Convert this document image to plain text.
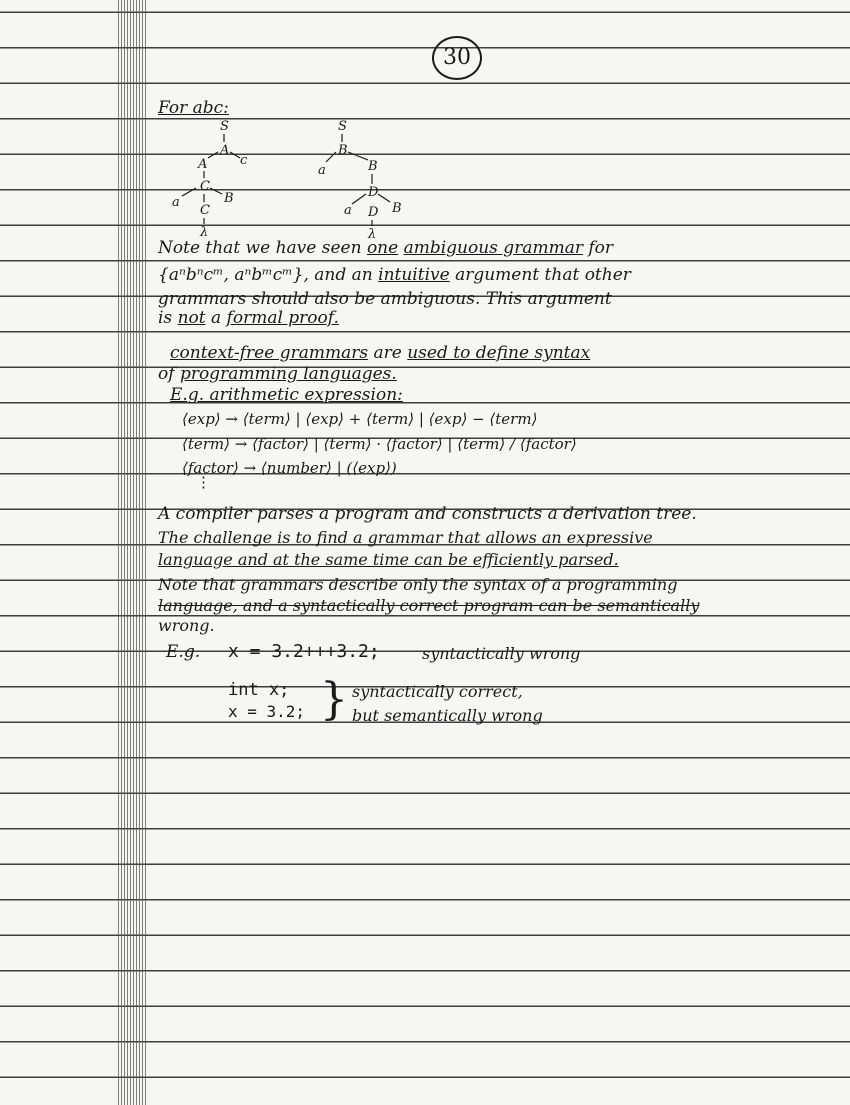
30
For abc:
S
A
c
A
C
a	B
C
λ
S
B
a	B
D
a D B
λ
Note that we have seen one ambiguous grammar for
{aⁿbⁿcᵐ, aⁿbᵐcᵐ}, and an intuitive argument that other
grammars should also be ambiguous. This argument
is not a formal proof.
context-free grammars are used to define syntax
of programming languages.
E.g. arithmetic expression:
⟨exp⟩ → ⟨term⟩ | ⟨exp⟩ + ⟨term⟩ | ⟨exp⟩ − ⟨term⟩
⟨term⟩ → ⟨factor⟩ | ⟨term⟩ · ⟨factor⟩ | ⟨term⟩ / ⟨factor⟩
⟨factor⟩ → ⟨number⟩ | (⟨exp⟩)
⋮
A compiler parses a program and constructs a derivation tree.
The challenge is to find a grammar that allows an expressive
language and at the same time can be efficiently parsed.
Note that grammars describe only the syntax of a programming
language, and a syntactically correct program can be semantically
wrong.
E.g. x = 3.2+++3.2;	syntactically wrong
int x;
x = 3.2; } syntactically correct,
but semantically wrong
